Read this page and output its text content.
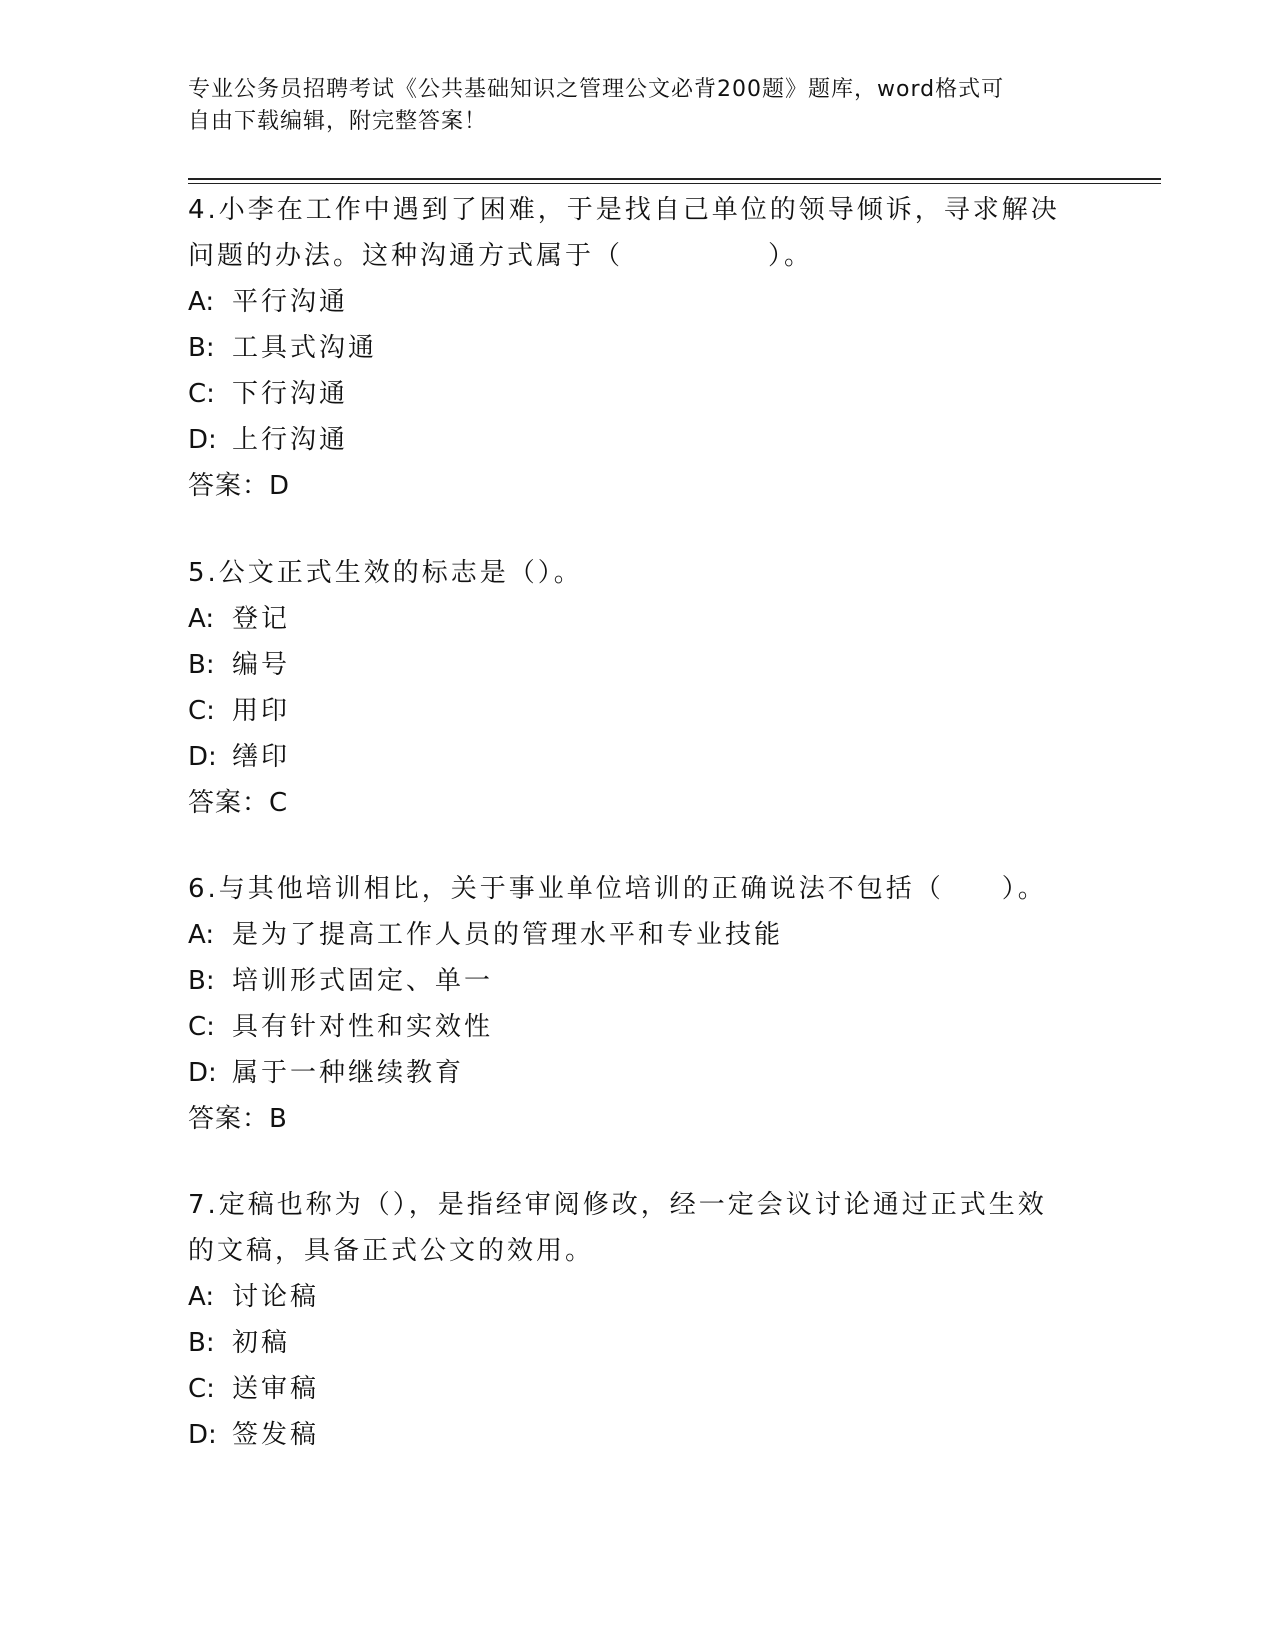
专业公务员招聘考试《公共基础知识之管理公文必背200题》题库，word格式可
自由下载编辑，附完整答案！

4.小李在工作中遇到了困难，于是找自己单位的领导倾诉，寻求解决

问题的办法。这种沟通方式属于（　　　　　）。

A: 平行沟通

B: 工具式沟通

C: 下行沟通

D: 上行沟通

答案：D

5.公文正式生效的标志是（）。

A: 登记

B: 编号

C: 用印

D: 缮印

答案：C

6.与其他培训相比，关于事业单位培训的正确说法不包括（　　）。

A: 是为了提高工作人员的管理水平和专业技能

B: 培训形式固定、单一

C: 具有针对性和实效性

D: 属于一种继续教育

答案：B

7.定稿也称为（），是指经审阅修改，经一定会议讨论通过正式生效

的文稿，具备正式公文的效用。

A: 讨论稿

B: 初稿

C: 送审稿

D: 签发稿
